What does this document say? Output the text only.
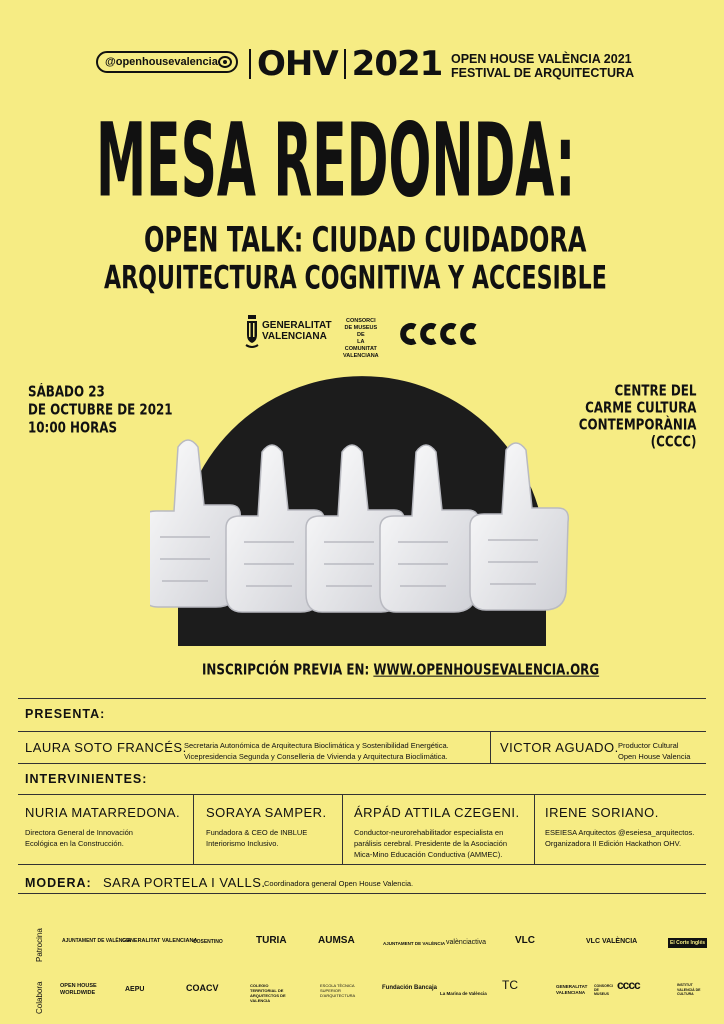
@openhousevalencia	OHV 2021 OPEN HOUSE VALÈNCIA 2021
FESTIVAL DE ARQUITECTURA
MESA REDONDA:
OPEN TALK: CIUDAD CUIDADORA
ARQUITECTURA COGNITIVA Y ACCESIBLE
GENERALITAT
VALENCIANA
CONSORCI
DE MUSEUS
DE
LA
COMUNITAT
VALENCIANA
SÁBADO 23
DE OCTUBRE DE 2021
10:00 HORAS
CENTRE DEL
CARME CULTURA
CONTEMPORÀNIA
(CCCC)
INSCRIPCIÓN PREVIA EN: WWW.OPENHOUSEVALENCIA.ORG
PRESENTA:
LAURA SOTO FRANCÉS.
Secretaria Autonómica de Arquitectura Bioclimática y Sostenibilidad Energética.
Vicepresidencia Segunda y Conselleria de Vivienda y Arquitectura Bioclimática.
VICTOR AGUADO. Productor Cultural
Open House Valencia
INTERVINIENTES:
NURIA MATARREDONA.
Directora General de Innovación
Ecológica en la Construcción.
SORAYA SAMPER.
Fundadora & CEO de INBLUE
Interiorismo Inclusivo.
ÁRPÁD ATTILA CZEGENI.
Conductor-neurorehabilitador especialista en
parálisis cerebral. Presidente de la Asociación
Mica-Mino Educación Conductiva (AMMEC).
IRENE SORIANO.
ESEIESA Arquitectos @eseiesa_arquitectos.
Organizadora II Edición Hackathon OHV.
MODERA: SARA PORTELA I VALLS.
Coordinadora general Open House Valencia.
Patrocina
Colabora
AJUNTAMENT DE VALÈNCIA
GENERALITAT VALENCIANA
COSENTINO	TURIA	AUMSA	AJUNTAMENT DE VALÈNCIA valènciactiva	VLC	VLC VALÈNCIA	El Corte Inglés
OPEN HOUSE WORLDWIDE	AEPU	COACV	COLEGIO TERRITORIAL DE ARQUITECTOS DE VALENCIA
ESCOLA TÈCNICA SUPERIOR D'ARQUITECTURA
Fundación Bancaja
La Marina de València
TC	GENERALITAT VALENCIANA
CONSORCI DE MUSEUS
cccc	INSTITUT VALENCIÀ DE CULTURA
